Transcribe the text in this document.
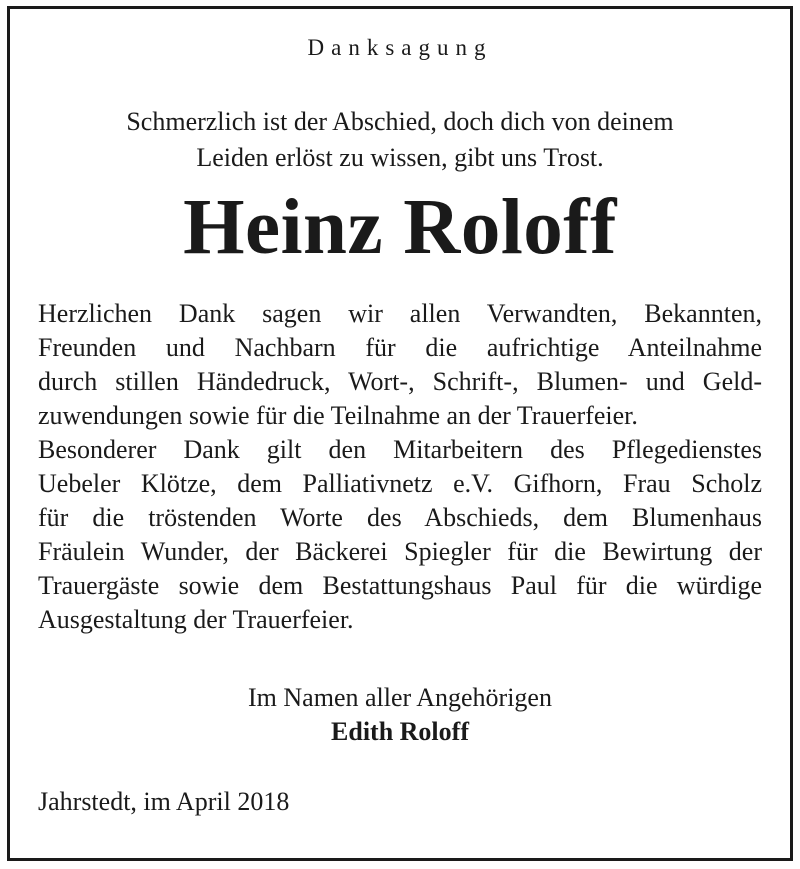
Danksagung
Schmerzlich ist der Abschied, doch dich von deinem
Leiden erlöst zu wissen, gibt uns Trost.
Heinz Roloff
Herzlichen Dank sagen wir allen Verwandten, Bekannten,
Freunden und Nachbarn für die aufrichtige Anteilnahme
durch stillen Händedruck, Wort-, Schrift-, Blumen- und Geld-
zuwendungen sowie für die Teilnahme an der Trauerfeier.
Besonderer Dank gilt den Mitarbeitern des Pflegedienstes
Uebeler Klötze, dem Palliativnetz e.V. Gifhorn, Frau Scholz
für die tröstenden Worte des Abschieds, dem Blumenhaus
Fräulein Wunder, der Bäckerei Spiegler für die Bewirtung der
Trauergäste sowie dem Bestattungshaus Paul für die würdige
Ausgestaltung der Trauerfeier.
Im Namen aller Angehörigen
Edith Roloff
Jahrstedt, im April 2018
